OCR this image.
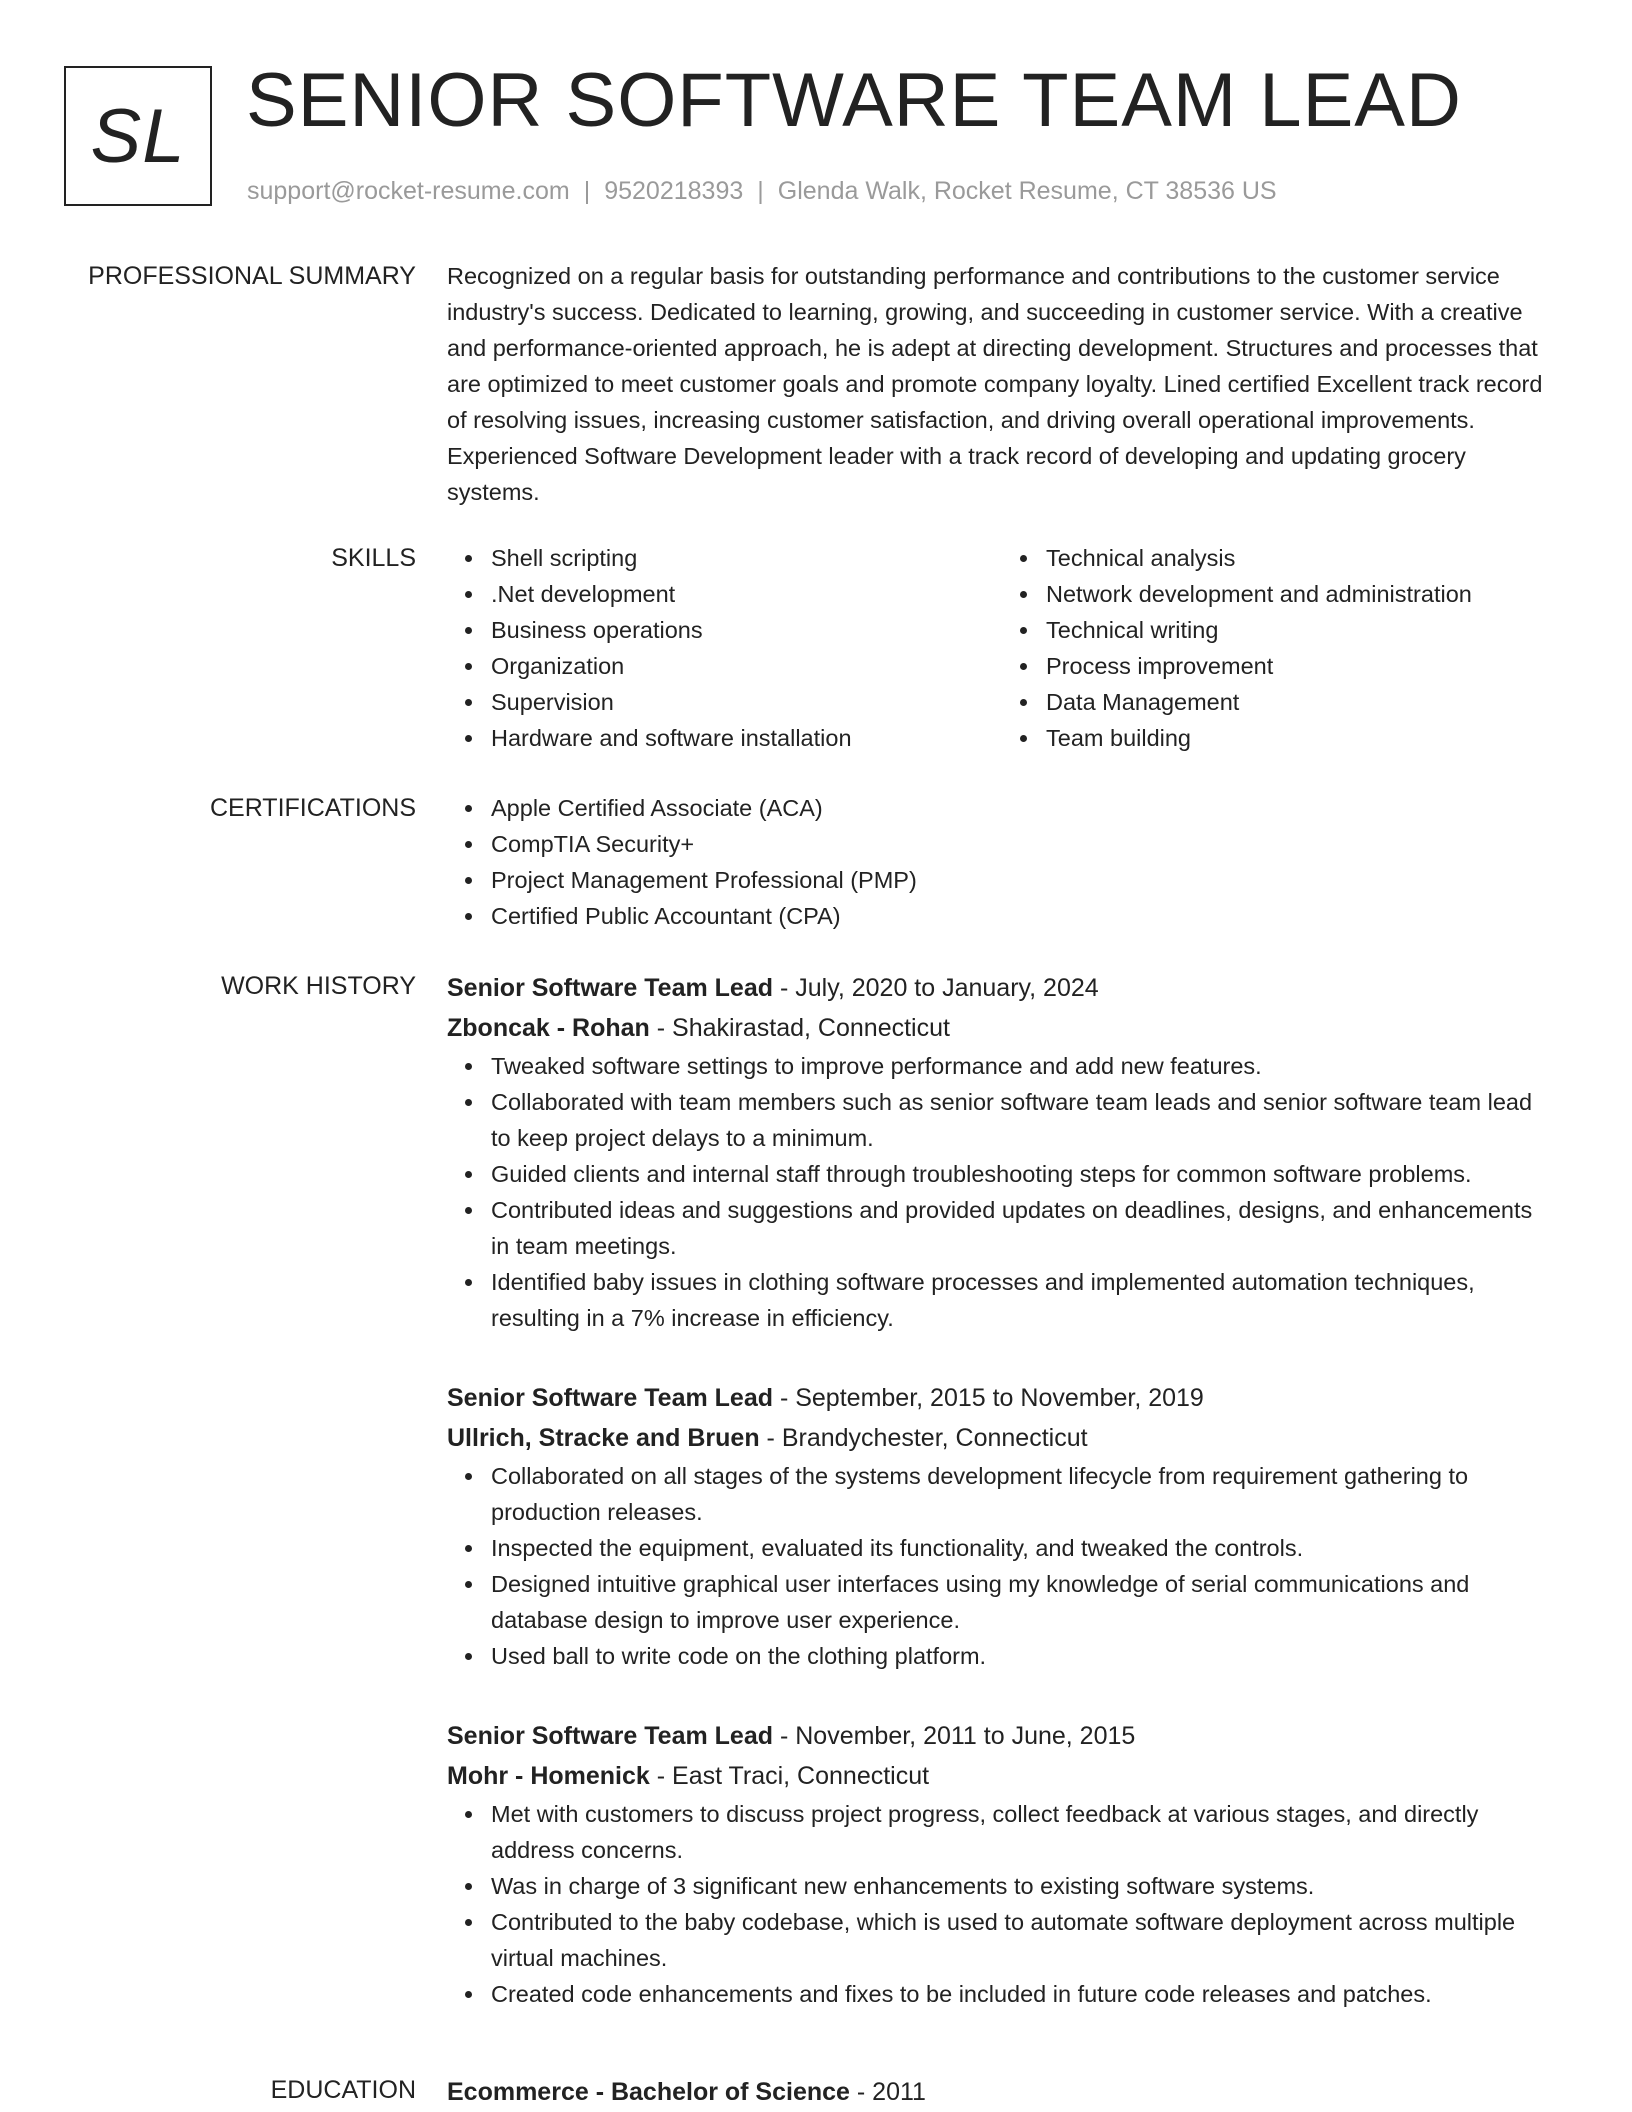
SL SENIOR SOFTWARE TEAM LEAD
support@rocket-resume.com | 9520218393 | Glenda Walk, Rocket Resume, CT 38536 US
PROFESSIONAL SUMMARY Recognized on a regular basis for outstanding performance and contributions to the customer service industry's success. Dedicated to learning, growing, and succeeding in customer service. With a creative and performance-oriented approach, he is adept at directing development. Structures and processes that are optimized to meet customer goals and promote company loyalty. Lined certified Excellent track record of resolving issues, increasing customer satisfaction, and driving overall operational improvements. Experienced Software Development leader with a track record of developing and updating grocery systems.

SKILLS	Shell scripting
.Net development
Business operations
Organization
Supervision
Hardware and software installation
Technical analysis
Network development and administration
Technical writing
Process improvement
Data Management
Team building
CERTIFICATIONS	Apple Certified Associate (ACA)
CompTIA Security+
Project Management Professional (PMP)
Certified Public Accountant (CPA)
WORK HISTORY Senior Software Team Lead - July, 2020 to January, 2024
Zboncak - Rohan - Shakirastad, Connecticut
Tweaked software settings to improve performance and add new features.
Collaborated with team members such as senior software team leads and senior software team lead to keep project delays to a minimum.
Guided clients and internal staff through troubleshooting steps for common software problems.
Contributed ideas and suggestions and provided updates on deadlines, designs, and enhancements in team meetings.
Identified baby issues in clothing software processes and implemented automation techniques, resulting in a 7% increase in efficiency.
Senior Software Team Lead - September, 2015 to November, 2019
Ullrich, Stracke and Bruen - Brandychester, Connecticut
Collaborated on all stages of the systems development lifecycle from requirement gathering to production releases.
Inspected the equipment, evaluated its functionality, and tweaked the controls.
Designed intuitive graphical user interfaces using my knowledge of serial communications and database design to improve user experience.
Used ball to write code on the clothing platform.
Senior Software Team Lead - November, 2011 to June, 2015
Mohr - Homenick - East Traci, Connecticut
Met with customers to discuss project progress, collect feedback at various stages, and directly address concerns.
Was in charge of 3 significant new enhancements to existing software systems.
Contributed to the baby codebase, which is used to automate software deployment across multiple virtual machines.
Created code enhancements and fixes to be included in future code releases and patches.
EDUCATION Ecommerce - Bachelor of Science - 2011
